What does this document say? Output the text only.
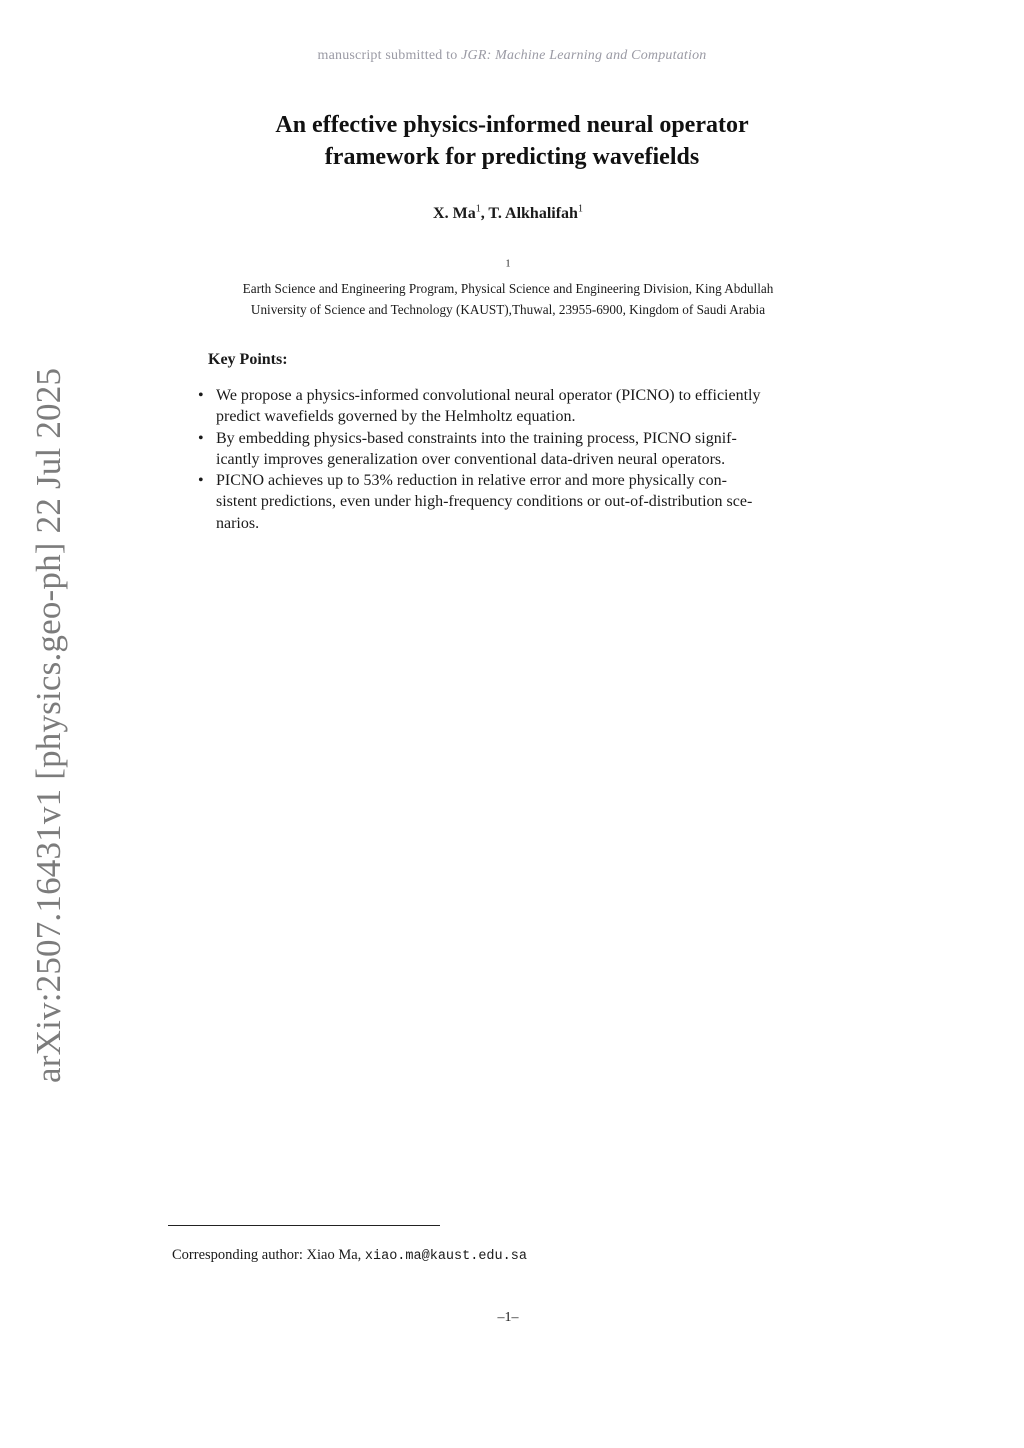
manuscript submitted to JGR: Machine Learning and Computation
An effective physics-informed neural operator
framework for predicting wavefields
X. Ma$^1$, T. Alkhalifah$^1$
$^1$
Earth Science and Engineering Program, Physical Science and Engineering Division, King Abdullah
University of Science and Technology (KAUST),Thuwal, 23955-6900, Kingdom of Saudi Arabia
arXiv:2507.16431v1 [physics.geo-ph] 22 Jul 2025
Key Points:
• We propose a physics-informed convolutional neural operator (PICNO) to efficiently
predict wavefields governed by the Helmholtz equation.
• By embedding physics-based constraints into the training process, PICNO signif-
icantly improves generalization over conventional data-driven neural operators.
• PICNO achieves up to 53% reduction in relative error and more physically con-
sistent predictions, even under high-frequency conditions or out-of-distribution sce-
narios.
Corresponding author: Xiao Ma, xiao.ma@kaust.edu.sa
–1–
